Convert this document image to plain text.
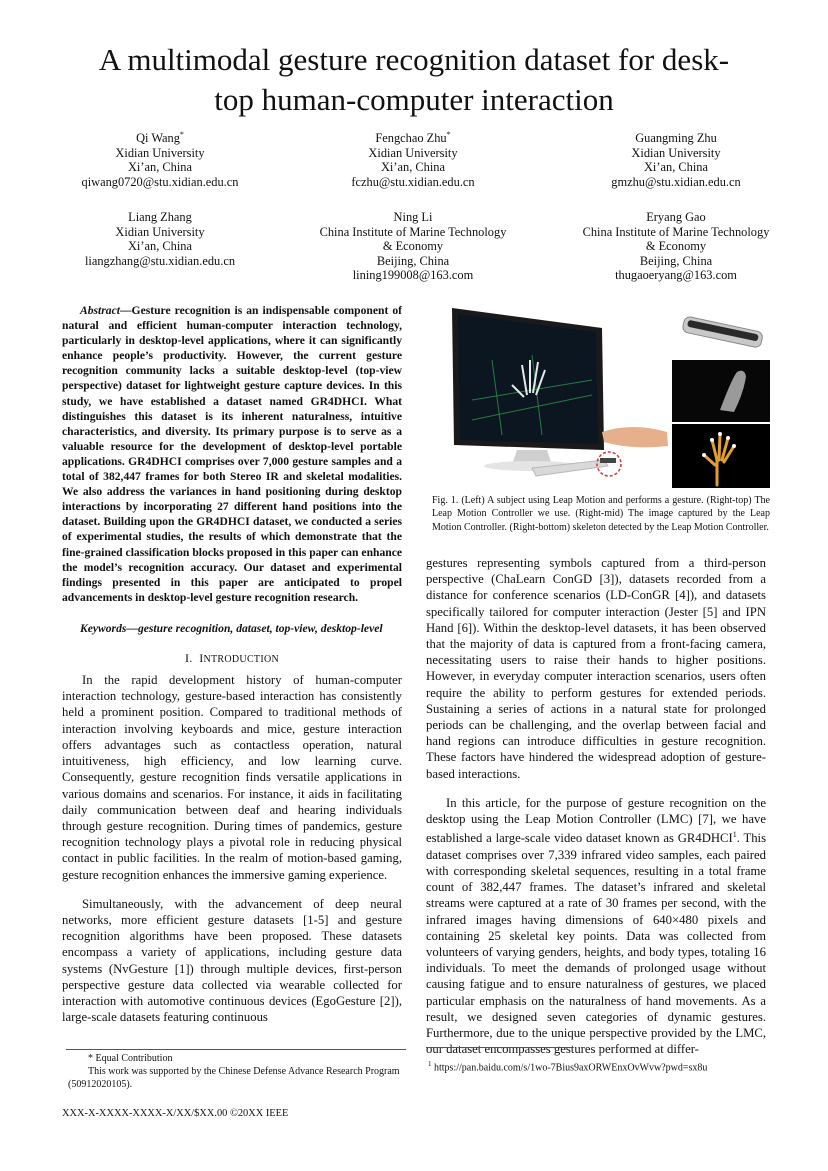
A multimodal gesture recognition dataset for desk-
top human-computer interaction
Qi Wang*
Xidian University
Xi’an, China
qiwang0720@stu.xidian.edu.cn
Fengchao Zhu*
Xidian University
Xi’an, China
fczhu@stu.xidian.edu.cn
Guangming Zhu
Xidian University
Xi’an, China
gmzhu@stu.xidian.edu.cn
Liang Zhang
Xidian University
Xi’an, China
liangzhang@stu.xidian.edu.cn
Ning Li
China Institute of Marine Technology
& Economy
Beijing, China
lining199008@163.com
Eryang Gao
China Institute of Marine Technology
& Economy
Beijing, China
thugaoeryang@163.com
Abstract—Gesture recognition is an indispensable component of natural and efficient human-computer interaction technology, particularly in desktop-level applications, where it can significantly enhance people’s productivity. However, the current gesture recognition community lacks a suitable desktop-level (top-view perspective) dataset for lightweight gesture capture devices. In this study, we have established a dataset named GR4DHCI. What distinguishes this dataset is its inherent naturalness, intuitive characteristics, and diversity. Its primary purpose is to serve as a valuable resource for the development of desktop-level portable applications. GR4DHCI comprises over 7,000 gesture samples and a total of 382,447 frames for both Stereo IR and skeletal modalities. We also address the variances in hand positioning during desktop interactions by incorporating 27 different hand positions into the dataset. Building upon the GR4DHCI dataset, we conducted a series of experimental studies, the results of which demonstrate that the fine-grained classification blocks proposed in this paper can enhance the model’s recognition accuracy. Our dataset and experimental findings presented in this paper are anticipated to propel advancements in desktop-level gesture recognition research.
Keywords—gesture recognition, dataset, top-view, desktop-level
I. INTRODUCTION

In the rapid development history of human-computer interaction technology, gesture-based interaction has consistently held a prominent position. Compared to traditional methods of interaction involving keyboards and mice, gesture interaction offers advantages such as contactless operation, natural intuitiveness, high efficiency, and low learning curve. Consequently, gesture recognition finds versatile applications in various domains and scenarios. For instance, it aids in facilitating daily communication between deaf and hearing individuals through gesture recognition. During times of pandemics, gesture recognition technology plays a pivotal role in reducing physical contact in public facilities. In the realm of motion-based gaming, gesture recognition enhances the immersive gaming experience.

Simultaneously, with the advancement of deep neural networks, more efficient gesture datasets [1-5] and gesture recognition algorithms have been proposed. These datasets encompass a variety of applications, including gesture data systems (NvGesture [1]) through multiple devices, first-person perspective gesture data collected via wearable collected for interaction with automotive continuous devices (EgoGesture [2]), large-scale datasets featuring continuous

Fig. 1. (Left) A subject using Leap Motion and performs a gesture. (Right-top) The Leap Motion Controller we use. (Right-mid) The image captured by the Leap Motion Controller. (Right-bottom) skeleton detected by the Leap Motion Controller.

gestures representing symbols captured from a third-person perspective (ChaLearn ConGD [3]), datasets recorded from a distance for conference scenarios (LD-ConGR [4]), and datasets specifically tailored for computer interaction (Jester [5] and IPN Hand [6]). Within the desktop-level datasets, it has been observed that the majority of data is captured from a front-facing camera, necessitating users to raise their hands to higher positions. However, in everyday computer interaction scenarios, users often require the ability to perform gestures for extended periods. Sustaining a series of actions in a natural state for prolonged periods can be challenging, and the overlap between facial and hand regions can introduce difficulties in gesture recognition. These factors have hindered the widespread adoption of gesture-based interactions.

In this article, for the purpose of gesture recognition on the desktop using the Leap Motion Controller (LMC) [7], we have established a large-scale video dataset known as GR4DHCI$^1$. This dataset comprises over 7,339 infrared video samples, each paired with corresponding skeletal sequences, resulting in a total frame count of 382,447 frames. The dataset’s infrared and skeletal streams were captured at a rate of 30 frames per second, with the infrared images having dimensions of 640×480 pixels and containing 25 skeletal key points. Data was collected from volunteers of varying genders, heights, and body types, totaling 16 individuals. To meet the demands of prolonged usage without causing fatigue and to ensure naturalness of gestures, we placed particular emphasis on the naturalness of hand movements. As a result, we designed seven categories of dynamic gestures. Furthermore, due to the unique perspective provided by the LMC, our dataset encompasses gestures performed at differ-

* Equal Contribution
This work was supported by the Chinese Defense Advance Research Program (50912020105).
$^1$ https://pan.baidu.com/s/1wo-7Bius9axORWEnxOvWvw?pwd=sx8u
XXX-X-XXXX-XXXX-X/XX/$XX.00 ©20XX IEEE
